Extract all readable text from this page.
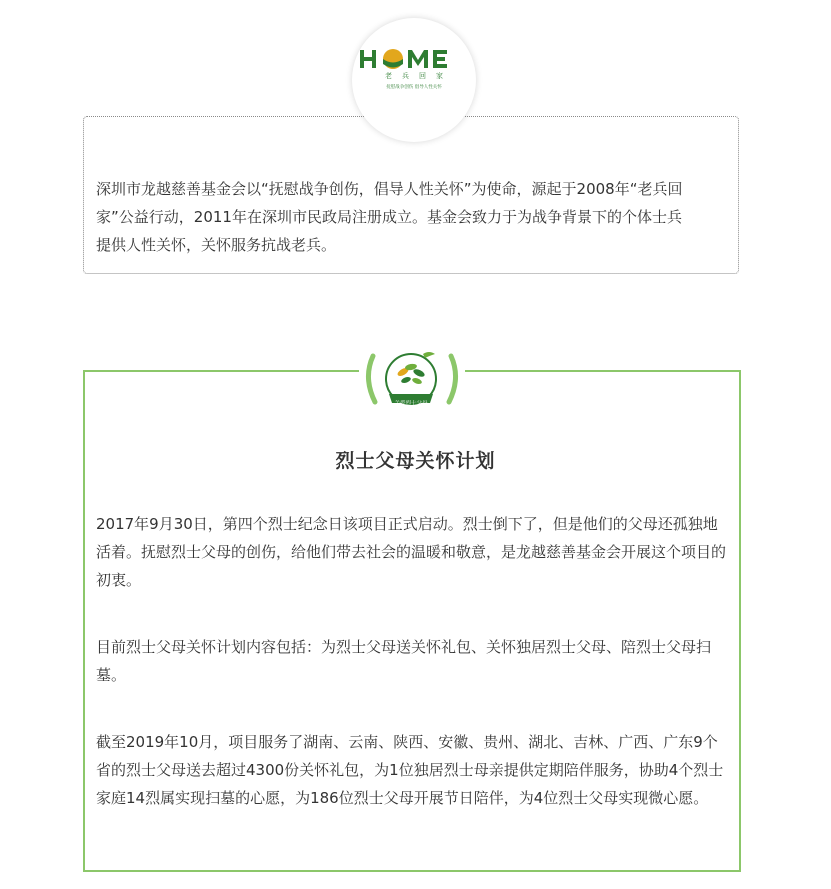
深圳市龙越慈善基金会以“抚慰战争创伤，倡导人性关怀”为使命，源起于2008年“老兵回家”公益行动，2011年在深圳市民政局注册成立。基金会致力于为战争背景下的个体士兵提供人性关怀，关怀服务抗战老兵。

老兵回家
抚慰战争创伤 倡导人性关怀
关爱烈士父母
烈士父母关怀计划

2017年9月30日，第四个烈士纪念日该项目正式启动。烈士倒下了，但是他们的父母还孤独地活着。抚慰烈士父母的创伤，给他们带去社会的温暖和敬意，是龙越慈善基金会开展这个项目的初衷。

目前烈士父母关怀计划内容包括：为烈士父母送关怀礼包、关怀独居烈士父母、陪烈士父母扫墓。

截至2019年10月，项目服务了湖南、云南、陕西、安徽、贵州、湖北、吉林、广西、广东9个省的烈士父母送去超过4300份关怀礼包，为1位独居烈士母亲提供定期陪伴服务，协助4个烈士家庭14烈属实现扫墓的心愿，为186位烈士父母开展节日陪伴，为4位烈士父母实现微心愿。
